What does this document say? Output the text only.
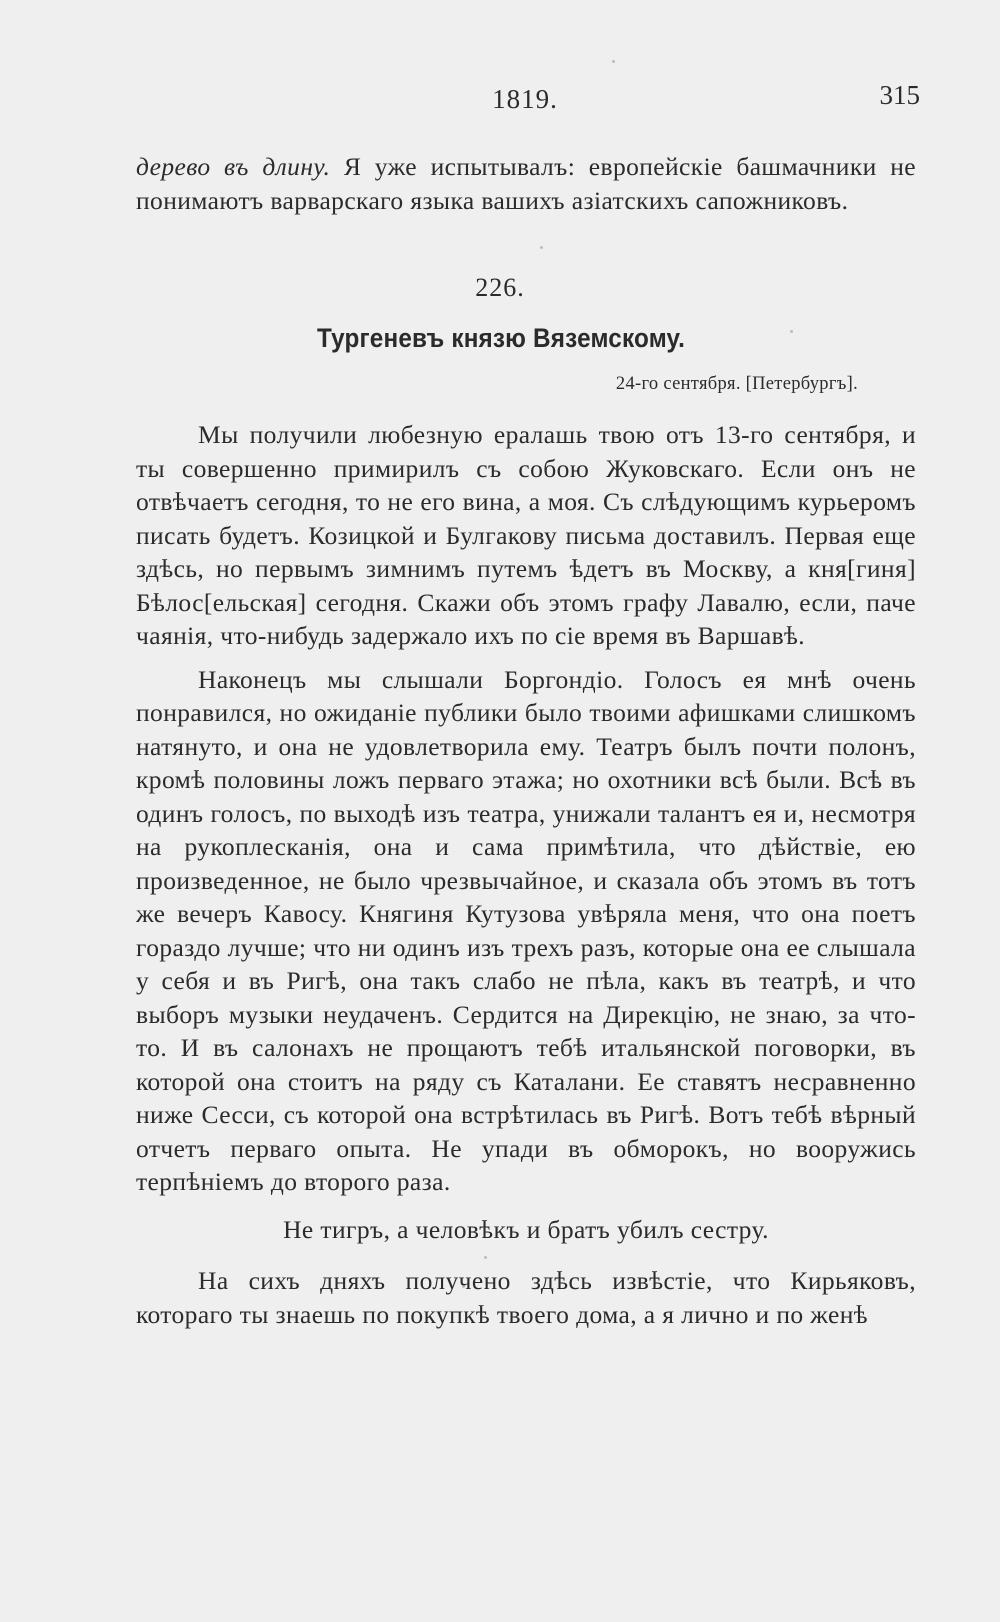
1819.	315

дерево въ длину. Я уже испытывалъ: европейскіе башмачники не понимаютъ варварскаго языка вашихъ азіатскихъ сапожниковъ.

226.
Тургеневъ князю Вяземскому.
24-го сентября. [Петербургъ].

Мы получили любезную ералашь твою отъ 13-го сентября, и ты совершенно примирилъ съ собою Жуковскаго. Если онъ не отвѣчаетъ сегодня, то не его вина, а моя. Съ слѣдующимъ курьеромъ писать будетъ. Козицкой и Булгакову письма доставилъ. Первая еще здѣсь, но первымъ зимнимъ путемъ ѣдетъ въ Москву, а кня[гиня] Бѣлос[ельская] сегодня. Скажи объ этомъ графу Лавалю, если, паче чаянія, что-нибудь задержало ихъ по сіе время въ Варшавѣ.

Наконецъ мы слышали Боргондіо. Голосъ ея мнѣ очень понравился, но ожиданіе публики было твоими афишками слишкомъ натянуто, и она не удовлетворила ему. Театръ былъ почти полонъ, кромѣ половины ложъ перваго этажа; но охотники всѣ были. Всѣ въ одинъ голосъ, по выходѣ изъ театра, унижали талантъ ея и, несмотря на рукоплесканія, она и сама примѣтила, что дѣйствіе, ею произведенное, не было чрезвычайное, и сказала объ этомъ въ тотъ же вечеръ Кавосу. Княгиня Кутузова увѣряла меня, что она поетъ гораздо лучше; что ни одинъ изъ трехъ разъ, которые она ее слышала у себя и въ Ригѣ, она такъ слабо не пѣла, какъ въ театрѣ, и что выборъ музыки неудаченъ. Сердится на Дирекцію, не знаю, за что-то. И въ салонахъ не прощаютъ тебѣ итальянской поговорки, въ которой она стоитъ на ряду съ Каталани. Ее ставятъ несравненно ниже Сесси, съ которой она встрѣтилась въ Ригѣ. Вотъ тебѣ вѣрный отчетъ перваго опыта. Не упади въ обморокъ, но вооружись терпѣніемъ до второго раза.

Не тигръ, а человѣкъ и братъ убилъ сестру.

На сихъ дняхъ получено здѣсь извѣстіе, что Кирьяковъ, котораго ты знаешь по покупкѣ твоего дома, а я лично и по женѣ
